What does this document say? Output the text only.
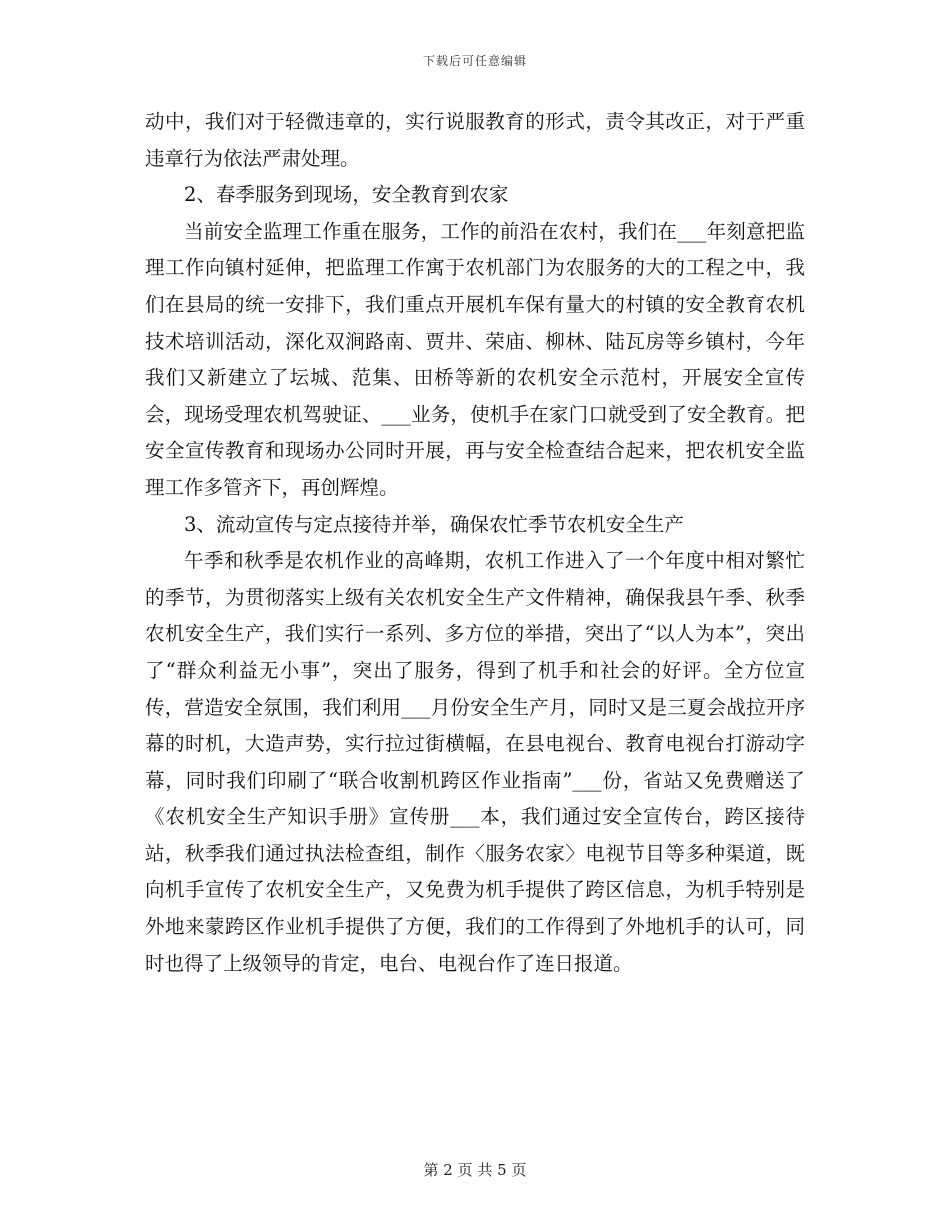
下载后可任意编辑

动中，我们对于轻微违章的，实行说服教育的形式，责令其改正，对于严重违章行为依法严肃处理。

2、春季服务到现场，安全教育到农家

当前安全监理工作重在服务，工作的前沿在农村，我们在___年刻意把监理工作向镇村延伸，把监理工作寓于农机部门为农服务的大的工程之中，我们在县局的统一安排下，我们重点开展机车保有量大的村镇的安全教育农机技术培训活动，深化双涧路南、贾井、荣庙、柳林、陆瓦房等乡镇村，今年我们又新建立了坛城、范集、田桥等新的农机安全示范村，开展安全宣传会，现场受理农机驾驶证、___业务，使机手在家门口就受到了安全教育。把安全宣传教育和现场办公同时开展，再与安全检查结合起来，把农机安全监理工作多管齐下，再创辉煌。

3、流动宣传与定点接待并举，确保农忙季节农机安全生产

午季和秋季是农机作业的高峰期，农机工作进入了一个年度中相对繁忙的季节，为贯彻落实上级有关农机安全生产文件精神，确保我县午季、秋季农机安全生产，我们实行一系列、多方位的举措，突出了“以人为本”，突出了“群众利益无小事”，突出了服务，得到了机手和社会的好评。全方位宣传，营造安全氛围，我们利用___月份安全生产月，同时又是三夏会战拉开序幕的时机，大造声势，实行拉过街横幅，在县电视台、教育电视台打游动字幕，同时我们印刷了“联合收割机跨区作业指南”___份，省站又免费赠送了《农机安全生产知识手册》宣传册___本，我们通过安全宣传台，跨区接待站，秋季我们通过执法检查组，制作〈服务农家〉电视节目等多种渠道，既向机手宣传了农机安全生产，又免费为机手提供了跨区信息，为机手特别是外地来蒙跨区作业机手提供了方便，我们的工作得到了外地机手的认可，同时也得了上级领导的肯定，电台、电视台作了连日报道。

第 2 页 共 5 页
